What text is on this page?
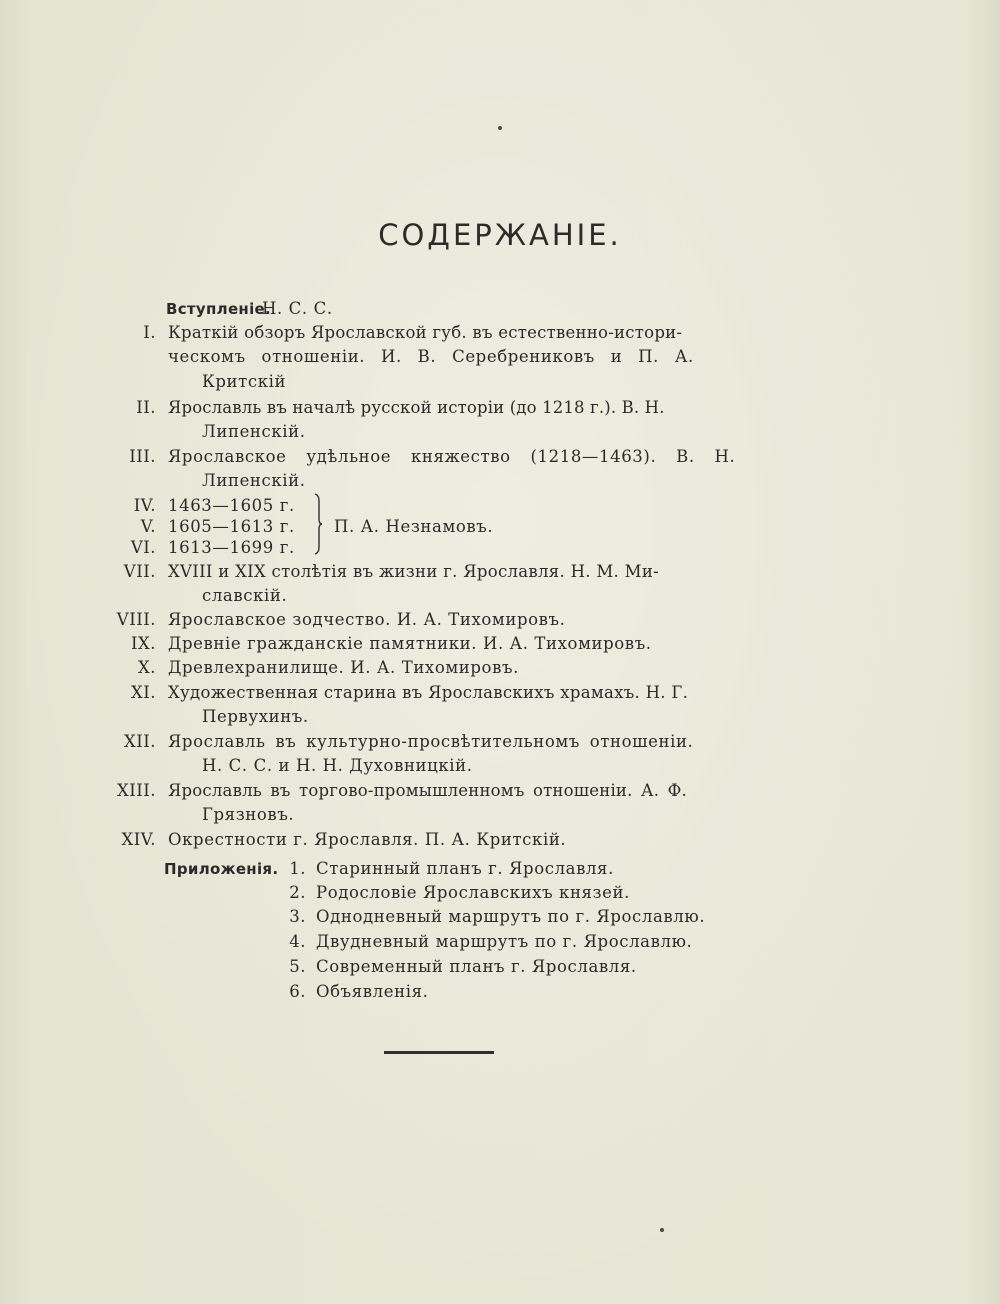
СОДЕРЖАНІЕ.
Вступленіе.
Н. С. С.
I. Краткій обзоръ Ярославской губ. въ естественно-истори-
ческомъ отношеніи. И. В. Серебрениковъ и П. А.
Критскій
II. Ярославль въ началѣ русской исторіи (до 1218 г.). В. Н.
Липенскій.
III. Ярославское удѣльное княжество (1218—1463). В. Н.
Липенскій.
IV. 1463—1605 г.
V. 1605—1613 г.
VI. 1613—1699 г.
П. А. Незнамовъ.
VII. XVIII и XIX столѣтія въ жизни г. Ярославля. Н. М. Ми-
славскій.
VIII. Ярославское зодчество. И. А. Тихомировъ.
IX. Древніе гражданскіе памятники. И. А. Тихомировъ.
X. Древлехранилище. И. А. Тихомировъ.
XI. Художественная старина въ Ярославскихъ храмахъ. Н. Г.
Первухинъ.
XII. Ярославль въ культурно-просвѣтительномъ отношеніи.
Н. С. С. и Н. Н. Духовницкій.
XIII. Ярославль въ торгово-промышленномъ отношеніи. А. Ф.
Грязновъ.
XIV. Окрестности г. Ярославля. П. А. Критскій.
Приложенія. 1. Старинный планъ г. Ярославля.
2. Родословіе Ярославскихъ князей.
3. Однодневный маршрутъ по г. Ярославлю.
4. Двудневный маршрутъ по г. Ярославлю.
5. Современный планъ г. Ярославля.
6. Объявленія.
